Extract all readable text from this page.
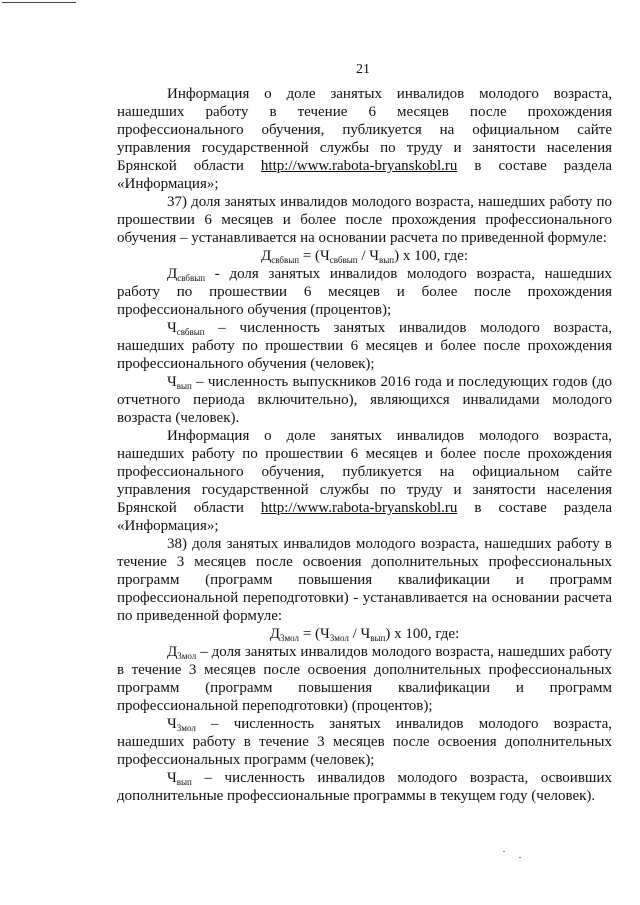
21

Информация о доле занятых инвалидов молодого возраста, нашедших работу в течение 6 месяцев после прохождения профессионального обучения, публикуется на официальном сайте управления государственной службы по труду и занятости населения Брянской области http://www.rabota-bryanskobl.ru в составе раздела «Информация»;

37) доля занятых инвалидов молодого возраста, нашедших работу по прошествии 6 месяцев и более после прохождения профессионального обучения – устанавливается на основании расчета по приведенной формуле:

$Д_{свбвып} = (Ч_{свбвып} / Ч_{вып})$ х 100, где:

$Д_{свбвып}$ - доля занятых инвалидов молодого возраста, нашедших работу по прошествии 6 месяцев и более после прохождения профессионального обучения (процентов);

$Ч_{свбвып}$ – численность занятых инвалидов молодого возраста, нашедших работу по прошествии 6 месяцев и более после прохождения профессионального обучения (человек);

$Ч_{вып}$ – численность выпускников 2016 года и последующих годов (до отчетного периода включительно), являющихся инвалидами молодого возраста (человек).

Информация о доле занятых инвалидов молодого возраста, нашедших работу по прошествии 6 месяцев и более после прохождения профессионального обучения, публикуется на официальном сайте управления государственной службы по труду и занятости населения Брянской области http://www.rabota-bryanskobl.ru в составе раздела «Информация»;

38) доля занятых инвалидов молодого возраста, нашедших работу в течение 3 месяцев после освоения дополнительных профессиональных программ (программ повышения квалификации и программ профессиональной переподготовки) - устанавливается на основании расчета по приведенной формуле:

$Д_{3мол} = (Ч_{3мол} / Ч_{вып})$ х 100, где:

$Д_{3мол}$ – доля занятых инвалидов молодого возраста, нашедших работу в течение 3 месяцев после освоения дополнительных профессиональных программ (программ повышения квалификации и программ профессиональной переподготовки) (процентов);

$Ч_{3мол}$ – численность занятых инвалидов молодого возраста, нашедших работу в течение 3 месяцев после освоения дополнительных профессиональных программ (человек);

$Ч_{вып}$ – численность инвалидов молодого возраста, освоивших дополнительные профессиональные программы в текущем году (человек).
